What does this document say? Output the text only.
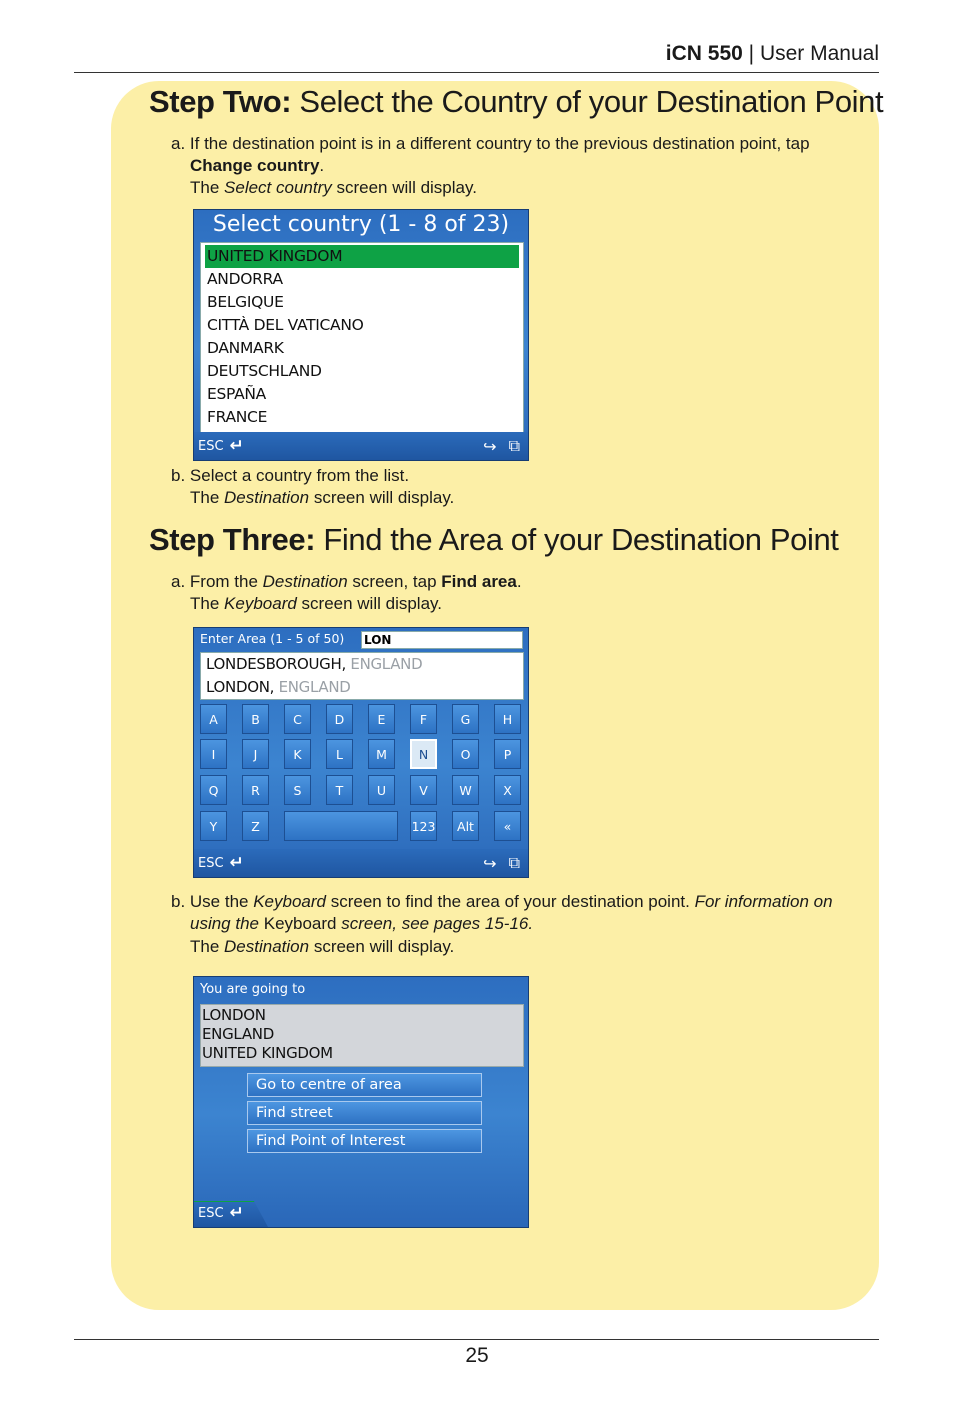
iCN 550 | User Manual
Step Two: Select the Country of your Destination Point
a. If the destination point is in a different country to the previous destination point, tap
Change country.
The Select country screen will display.
Select country (1 - 8 of 23)
UNITED KINGDOM
ANDORRA
BELGIQUE
CITTÀ DEL VATICANO
DANMARK
DEUTSCHLAND
ESPAÑA
FRANCE
ESC ↵	↪ ⧉
b. Select a country from the list.
The Destination screen will display.
Step Three: Find the Area of your Destination Point
a. From the Destination screen, tap Find area.
The Keyboard screen will display.
Enter Area (1 - 5 of 50) LON
LONDESBOROUGH, ENGLAND
LONDON, ENGLAND
A	B	C	D	E	F	G	H
I	J	K	L	M	N	O	P
Q	R	S	T	U	V	W	X
Y	Z	123	Alt	«
ESC ↵	↪ ⧉
b. Use the Keyboard screen to find the area of your destination point. For information on
using the Keyboard screen, see pages 15-16.
The Destination screen will display.
You are going to
LONDON
ENGLAND
UNITED KINGDOM
Go to centre of area
Find street
Find Point of Interest
ESC ↵
25
